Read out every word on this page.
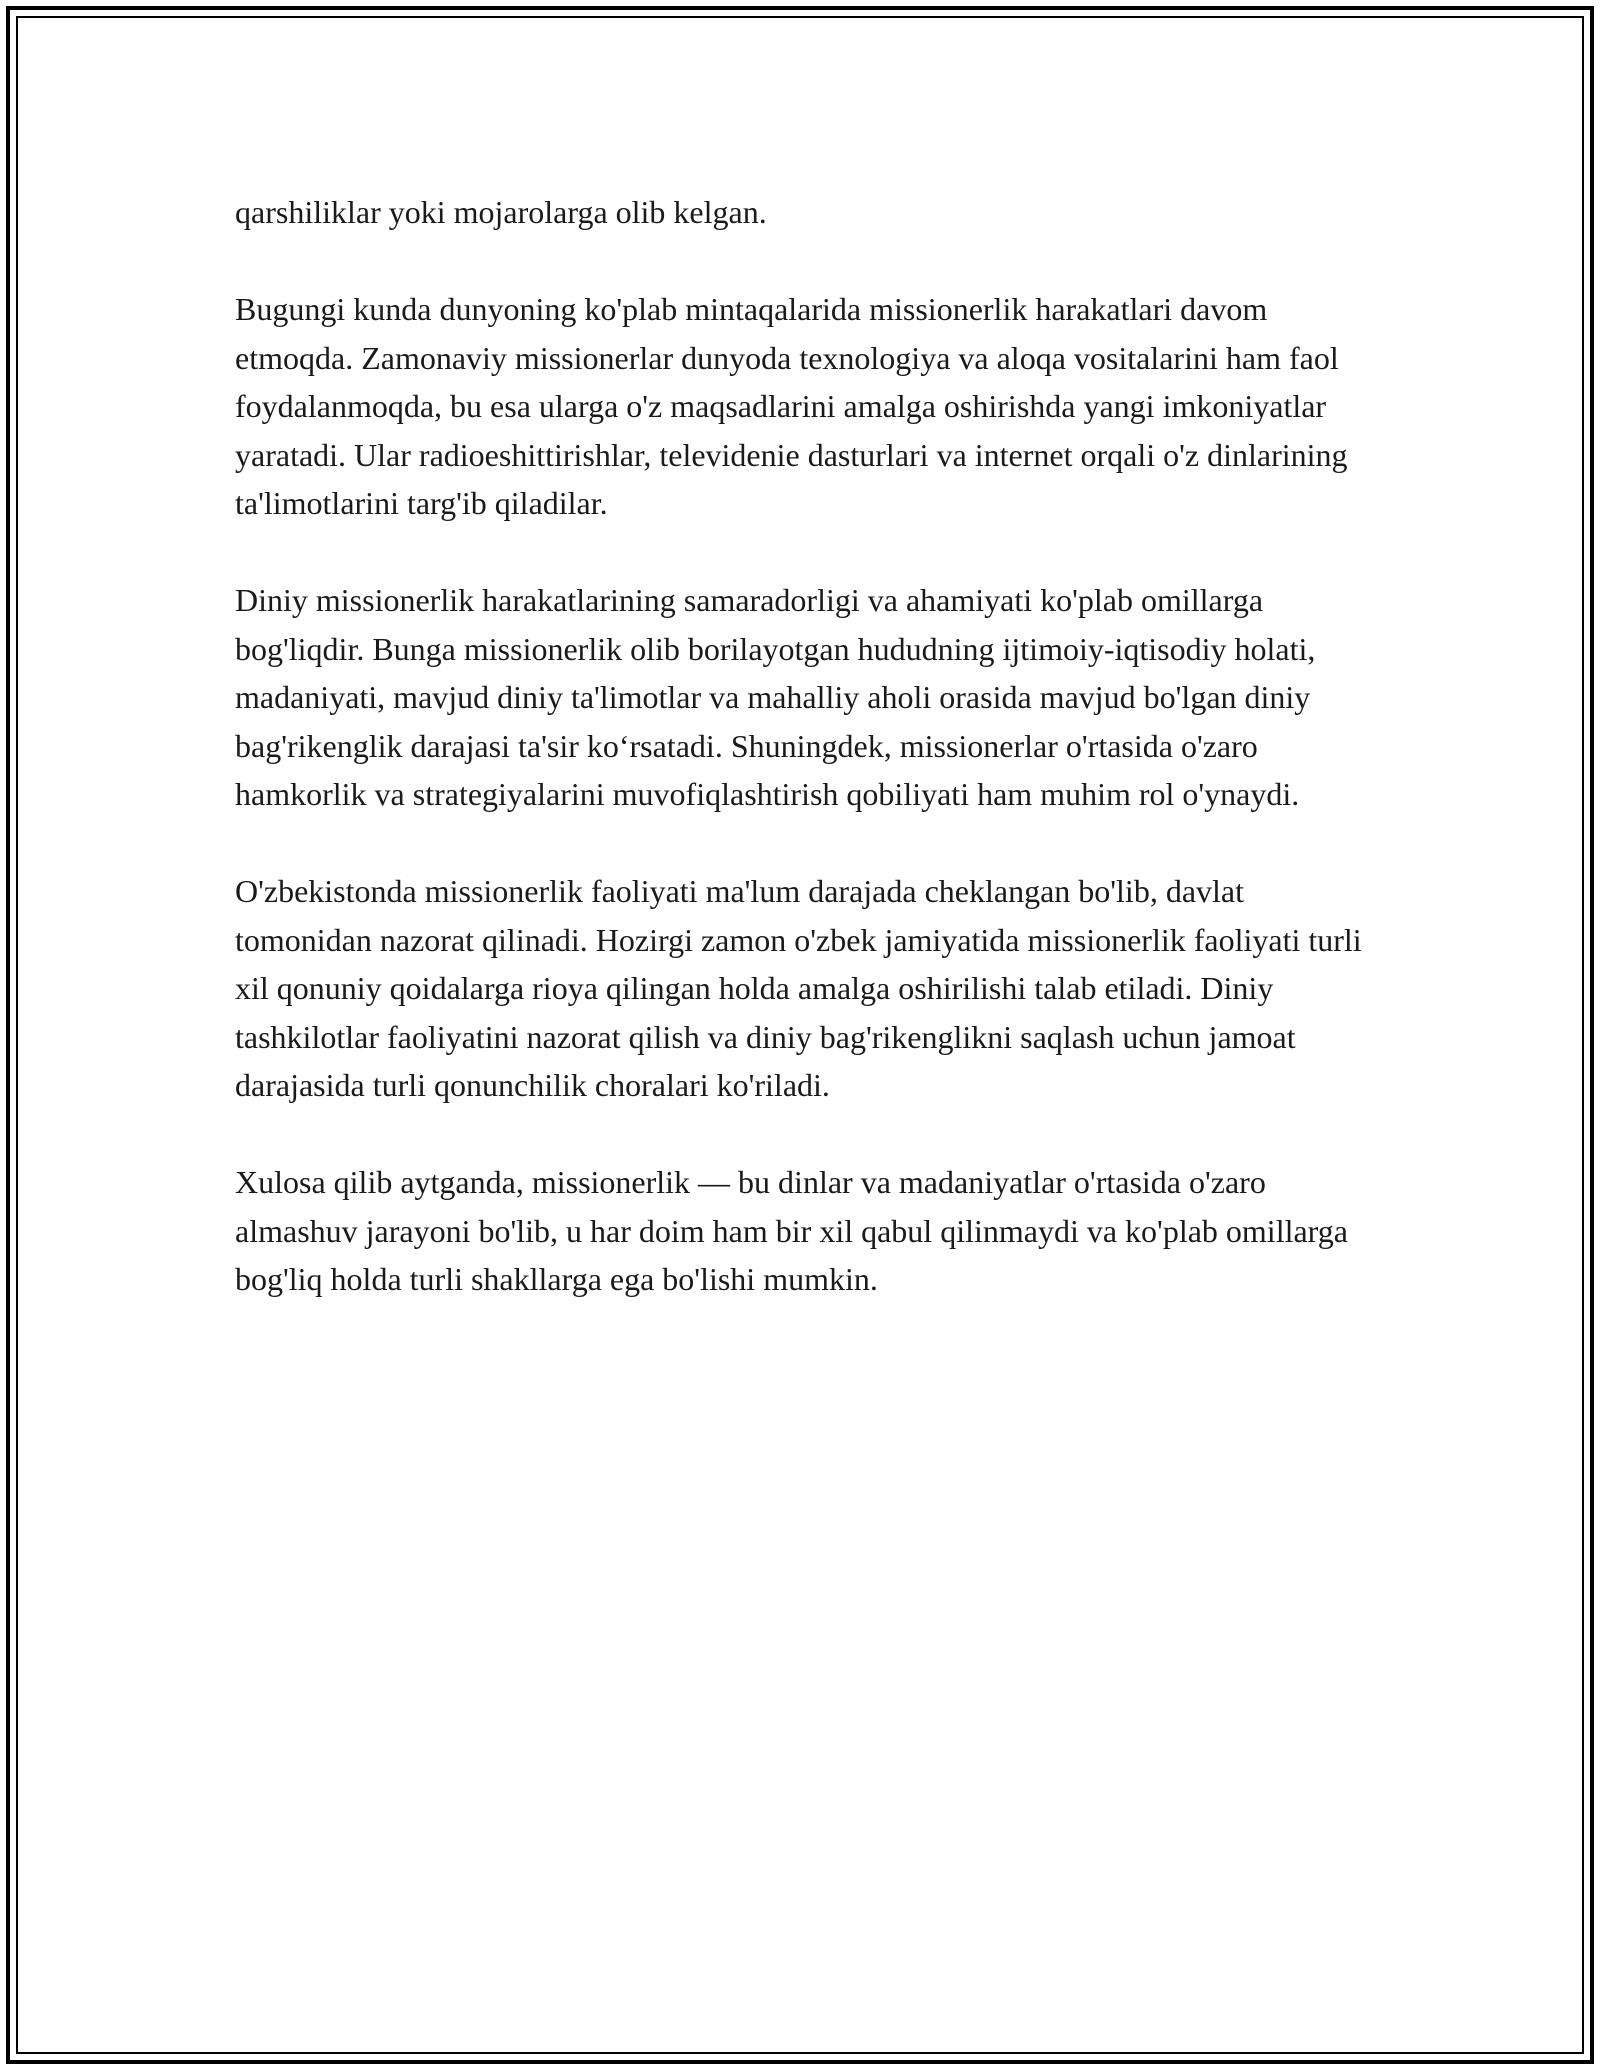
qarshiliklar yoki mojarolarga olib kelgan.

Bugungi kunda dunyoning ko'plab mintaqalarida missionerlik harakatlari davom etmoqda. Zamonaviy missionerlar dunyoda texnologiya va aloqa vositalarini ham faol foydalanmoqda, bu esa ularga o'z maqsadlarini amalga oshirishda yangi imkoniyatlar yaratadi. Ular radioeshittirishlar, televidenie dasturlari va internet orqali o'z dinlarining ta'limotlarini targ'ib qiladilar.

Diniy missionerlik harakatlarining samaradorligi va ahamiyati ko'plab omillarga bog'liqdir. Bunga missionerlik olib borilayotgan hududning ijtimoiy-iqtisodiy holati, madaniyati, mavjud diniy ta'limotlar va mahalliy aholi orasida mavjud bo'lgan diniy bag'rikenglik darajasi ta'sir ko‘rsatadi. Shuningdek, missionerlar o'rtasida o'zaro hamkorlik va strategiyalarini muvofiqlashtirish qobiliyati ham muhim rol o'ynaydi.

O'zbekistonda missionerlik faoliyati ma'lum darajada cheklangan bo'lib, davlat tomonidan nazorat qilinadi. Hozirgi zamon o'zbek jamiyatida missionerlik faoliyati turli xil qonuniy qoidalarga rioya qilingan holda amalga oshirilishi talab etiladi. Diniy tashkilotlar faoliyatini nazorat qilish va diniy bag'rikenglikni saqlash uchun jamoat darajasida turli qonunchilik choralari ko'riladi.

Xulosa qilib aytganda, missionerlik — bu dinlar va madaniyatlar o'rtasida o'zaro almashuv jarayoni bo'lib, u har doim ham bir xil qabul qilinmaydi va ko'plab omillarga bog'liq holda turli shakllarga ega bo'lishi mumkin.
